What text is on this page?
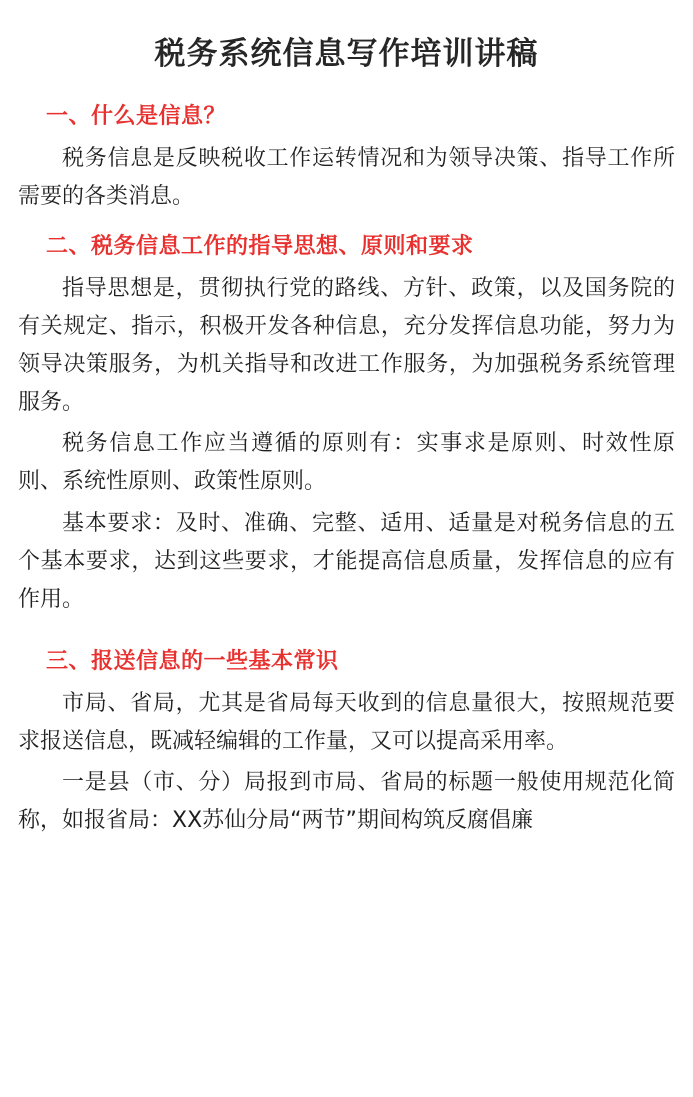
税务系统信息写作培训讲稿
一、什么是信息？
税务信息是反映税收工作运转情况和为领导决策、指导工作所需要的各类消息。
二、税务信息工作的指导思想、原则和要求
指导思想是，贯彻执行党的路线、方针、政策，以及国务院的有关规定、指示，积极开发各种信息，充分发挥信息功能，努力为领导决策服务，为机关指导和改进工作服务，为加强税务系统管理服务。
税务信息工作应当遵循的原则有：实事求是原则、时效性原则、系统性原则、政策性原则。
基本要求：及时、准确、完整、适用、适量是对税务信息的五个基本要求，达到这些要求，才能提高信息质量，发挥信息的应有作用。
三、报送信息的一些基本常识
市局、省局，尤其是省局每天收到的信息量很大，按照规范要求报送信息，既减轻编辑的工作量，又可以提高采用率。
一是县（市、分）局报到市局、省局的标题一般使用规范化简称，如报省局：XX苏仙分局“两节”期间构筑反腐倡廉
